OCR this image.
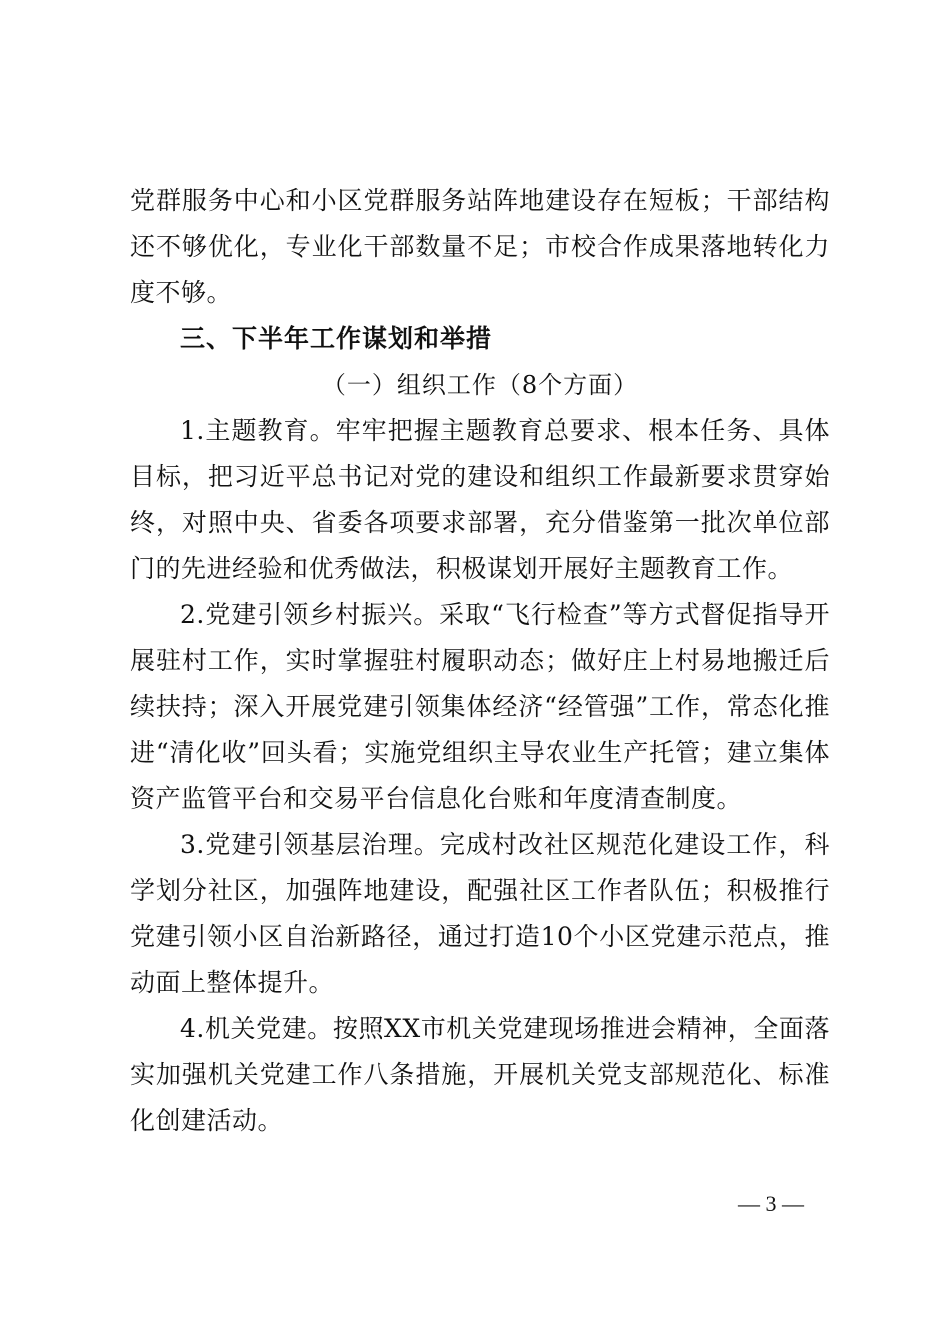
党群服务中心和小区党群服务站阵地建设存在短板；干部结构还不够优化，专业化干部数量不足；市校合作成果落地转化力度不够。

三、下半年工作谋划和举措

（一）组织工作（8个方面）

1.主题教育。牢牢把握主题教育总要求、根本任务、具体目标，把习近平总书记对党的建设和组织工作最新要求贯穿始终，对照中央、省委各项要求部署，充分借鉴第一批次单位部门的先进经验和优秀做法，积极谋划开展好主题教育工作。

2.党建引领乡村振兴。采取“飞行检查”等方式督促指导开展驻村工作，实时掌握驻村履职动态；做好庄上村易地搬迁后续扶持；深入开展党建引领集体经济“经管强”工作，常态化推进“清化收”回头看；实施党组织主导农业生产托管；建立集体资产监管平台和交易平台信息化台账和年度清查制度。

3.党建引领基层治理。完成村改社区规范化建设工作，科学划分社区，加强阵地建设，配强社区工作者队伍；积极推行党建引领小区自治新路径，通过打造10个小区党建示范点，推动面上整体提升。

4.机关党建。按照XX市机关党建现场推进会精神，全面落实加强机关党建工作八条措施，开展机关党支部规范化、标准化创建活动。

— 3 —
